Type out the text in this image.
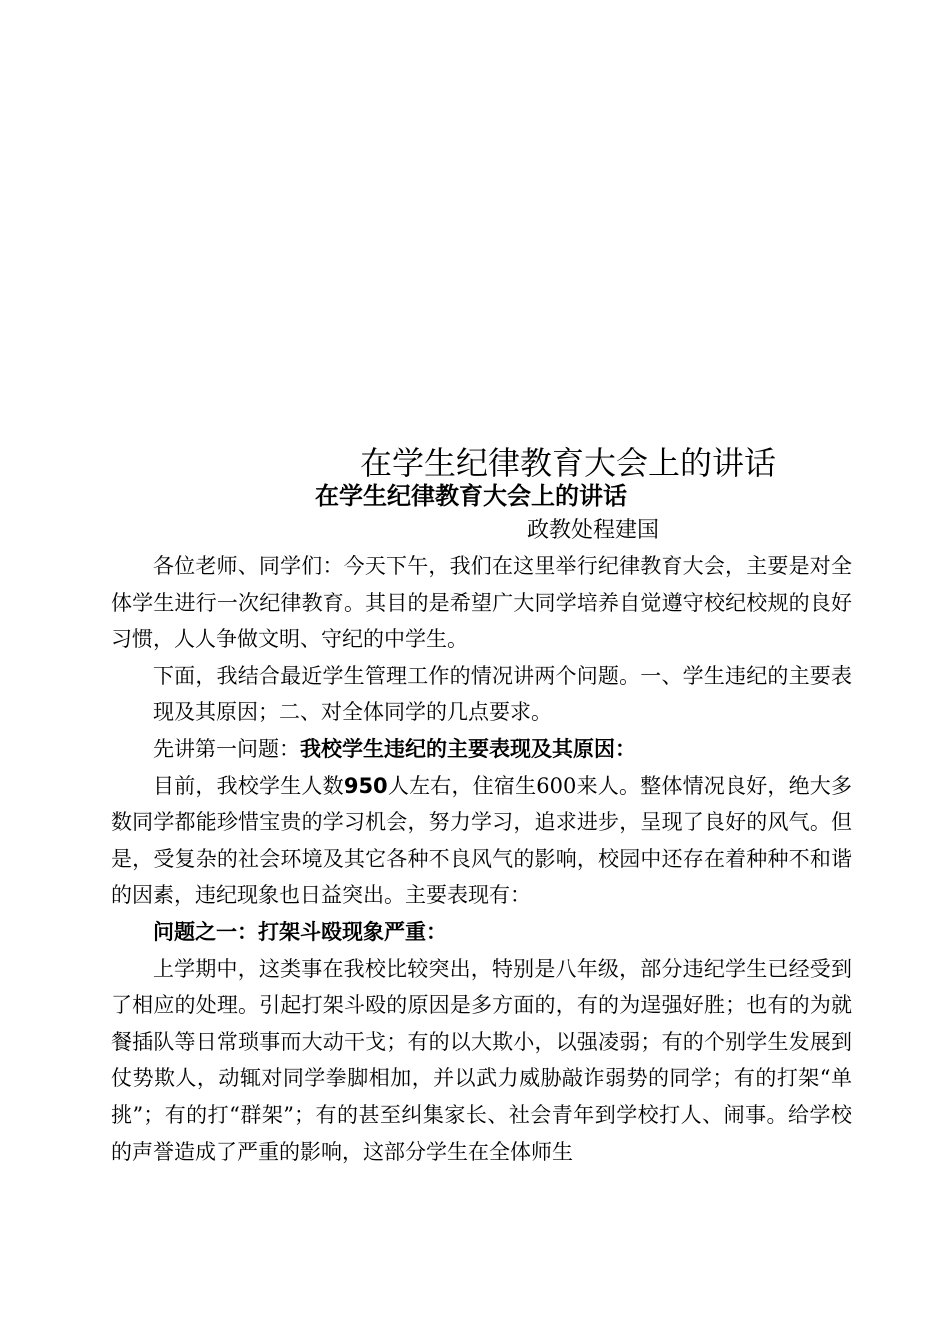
在学生纪律教育大会上的讲话
在学生纪律教育大会上的讲话
政教处程建国

各位老师、同学们：今天下午，我们在这里举行纪律教育大会，主要是对全体学生进行一次纪律教育。其目的是希望广大同学培养自觉遵守校纪校规的良好习惯，人人争做文明、守纪的中学生。

下面，我结合最近学生管理工作的情况讲两个问题。一、学生违纪的主要表现及其原因；二、对全体同学的几点要求。

先讲第一问题：我校学生违纪的主要表现及其原因：

目前，我校学生人数950人左右，住宿生600来人。整体情况良好，绝大多数同学都能珍惜宝贵的学习机会，努力学习，追求进步，呈现了良好的风气。但是，受复杂的社会环境及其它各种不良风气的影响，校园中还存在着种种不和谐的因素，违纪现象也日益突出。主要表现有：

问题之一：打架斗殴现象严重：

上学期中，这类事在我校比较突出，特别是八年级，部分违纪学生已经受到了相应的处理。引起打架斗殴的原因是多方面的，有的为逞强好胜；也有的为就餐插队等日常琐事而大动干戈；有的以大欺小，以强凌弱；有的个别学生发展到仗势欺人，动辄对同学拳脚相加，并以武力威胁敲诈弱势的同学；有的打架“单挑”；有的打“群架”；有的甚至纠集家长、社会青年到学校打人、闹事。给学校的声誉造成了严重的影响，这部分学生在全体师生
